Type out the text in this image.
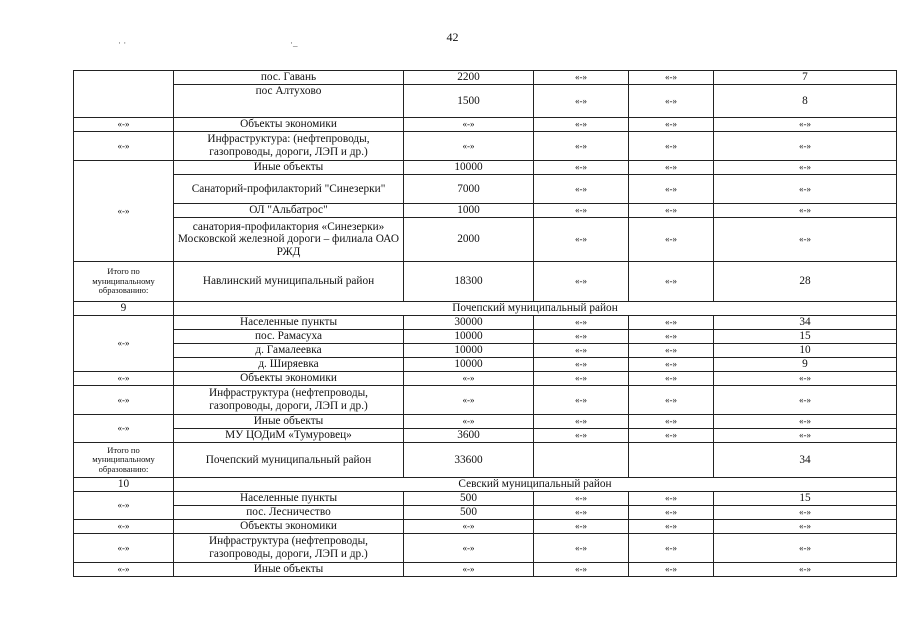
42
· ·	·_
	пос. Гавань	2200	«-»	«-»	7
	пос Алтухово	1500	«-»	«-»	8
«-»	Объекты экономики	«-»	«-»	«-»	«-»
«-»	Инфраструктура: (нефтепроводы, газопроводы, дороги, ЛЭП и др.)	«-»	«-»	«-»	«-»
«-»	Иные объекты	10000	«-»	«-»	«-»
	Санаторий-профилакторий "Синезерки"	7000	«-»	«-»	«-»
	ОЛ "Альбатрос"	1000	«-»	«-»	«-»
	санатория-профилактория «Синезерки» Московской железной дороги – филиала ОАО РЖД	2000	«-»	«-»	«-»
Итого по муниципальному образованию:	Навлинский муниципальный район	18300	«-»	«-»	28
9	Почепский муниципальный район				
«-»	Населенные пункты	30000	«-»	«-»	34
	пос. Рамасуха	10000	«-»	«-»	15
	д. Гамалеевка	10000	«-»	«-»	10
	д. Ширяевка	10000	«-»	«-»	9
«-»	Объекты экономики	«-»	«-»	«-»	«-»
«-»	Инфраструктура (нефтепроводы, газопроводы, дороги, ЛЭП и др.)	«-»	«-»	«-»	«-»
«-»	Иные объекты	«-»	«-»	«-»	«-»
	МУ ЦОДиМ «Тумуровец»	3600	«-»	«-»	«-»
Итого по муниципальному образованию:	Почепский муниципальный район	33600			34
10	Севский муниципальный район				
«-»	Населенные пункты	500	«-»	«-»	15
	пос. Лесничество	500	«-»	«-»	«-»
«-»	Объекты экономики	«-»	«-»	«-»	«-»
«-»	Инфраструктура (нефтепроводы, газопроводы, дороги, ЛЭП и др.)	«-»	«-»	«-»	«-»
«-»	Иные объекты	«-»	«-»	«-»	«-»
